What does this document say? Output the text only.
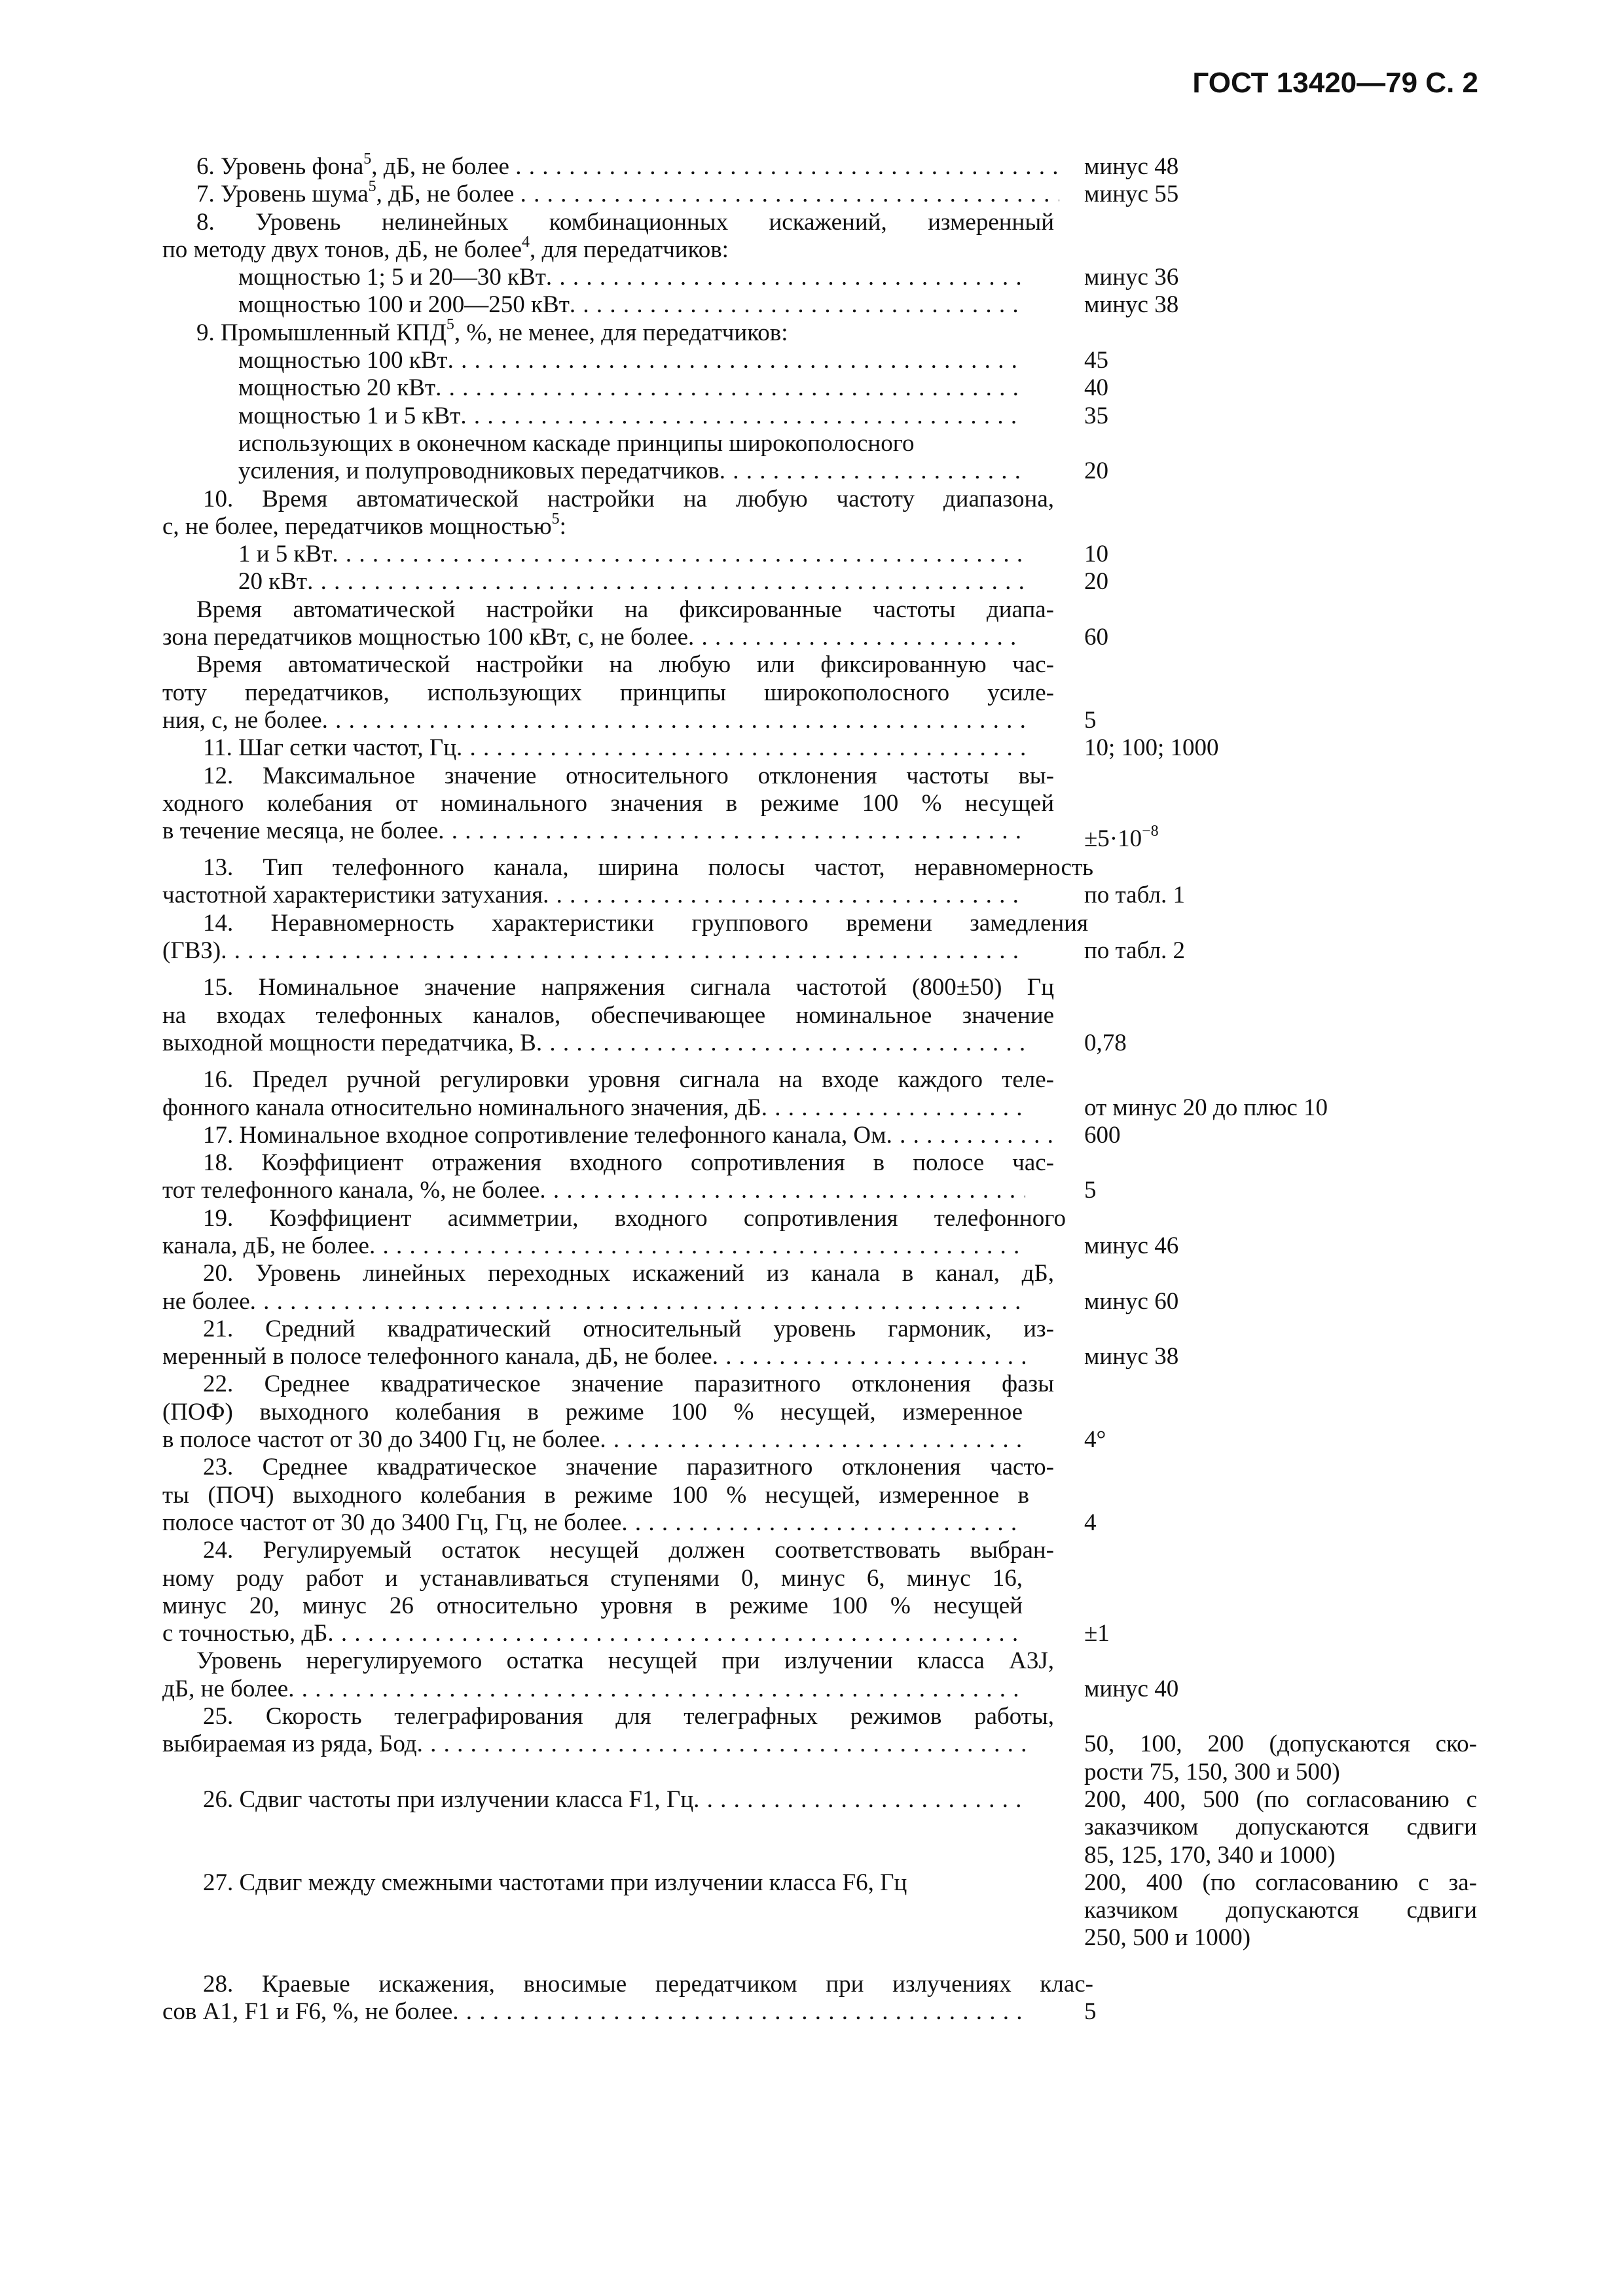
ГОСТ 13420—79 С. 2
6. Уровень фона$^5$, дБ, не более . . .	минус 48
7. Уровень шума$^5$, дБ, не более . . .	минус 55
8. Уровень нелинейных комбинационных искажений, измеренный
по методу двух тонов, дБ, не более$^4$, для передатчиков:
мощностью 1; 5 и 20—30 кВт . . .	минус 36
мощностью 100 и 200—250 кВт . . .	минус 38
9. Промышленный КПД$^5$, %, не менее, для передатчиков:
мощностью 100 кВт . . .	45
мощностью 20 кВт . . .	40
мощностью 1 и 5 кВт . . .	35
использующих в оконечном каскаде принципы широкополосного
усиления, и полупроводниковых передатчиков . . .	20
10. Время автоматической настройки на любую частоту диапазона,
с, не более, передатчиков мощностью$^5$:
1 и 5 кВт . . .	10
20 кВт . . .	20
Время автоматической настройки на фиксированные частоты диапа-
зона передатчиков мощностью 100 кВт, с, не более . . .	60
Время автоматической настройки на любую или фиксированную час-
тоту передатчиков, использующих принципы широкополосного усиле-
ния, с, не более . . .	5
11. Шаг сетки частот, Гц . . .	10; 100; 1000
12. Максимальное значение относительного отклонения частоты вы-
ходного колебания от номинального значения в режиме 100 % несущей
в течение месяца, не более . . .	$\pm 5\cdot 10^{-8}$
13. Тип телефонного канала, ширина полосы частот, неравномерность
частотной характеристики затухания . . .	по табл. 1
14. Неравномерность характеристики группового времени замедления
(ГВЗ) . . .	по табл. 2
15. Номинальное значение напряжения сигнала частотой (800±50) Гц
на входах телефонных каналов, обеспечивающее номинальное значение
выходной мощности передатчика, В . . .	0,78
16. Предел ручной регулировки уровня сигнала на входе каждого теле-
фонного канала относительно номинального значения, дБ . . .	от минус 20 до плюс 10
17. Номинальное входное сопротивление телефонного канала, Ом . . .	600
18. Коэффициент отражения входного сопротивления в полосе час-
тот телефонного канала, %, не более . . .	5
19. Коэффициент асимметрии, входного сопротивления телефонного
канала, дБ, не более . . .	минус 46
20. Уровень линейных переходных искажений из канала в канал, дБ,
не более . . .	минус 60
21. Средний квадратический относительный уровень гармоник, из-
меренный в полосе телефонного канала, дБ, не более . . .	минус 38
22. Среднее квадратическое значение паразитного отклонения фазы
(ПОФ) выходного колебания в режиме 100 % несущей, измеренное
в полосе частот от 30 до 3400 Гц, не более . . .	4°
23. Среднее квадратическое значение паразитного отклонения часто-
ты (ПОЧ) выходного колебания в режиме 100 % несущей, измеренное в
полосе частот от 30 до 3400 Гц, Гц, не более . . .	4
24. Регулируемый остаток несущей должен соответствовать выбран-
ному роду работ и устанавливаться ступенями 0, минус 6, минус 16,
минус 20, минус 26 относительно уровня в режиме 100 % несущей
с точностью, дБ . . .	±1
Уровень нерегулируемого остатка несущей при излучении класса А3J,
дБ, не более . . .	минус 40
25. Скорость телеграфирования для телеграфных режимов работы,
выбираемая из ряда, Бод . . .	50, 100, 200 (допускаются ско-
рости 75, 150, 300 и 500)
26. Сдвиг частоты при излучении класса F1, Гц . . .	200, 400, 500 (по согласованию с
заказчиком допускаются сдвиги
85, 125, 170, 340 и 1000)
27. Сдвиг между смежными частотами при излучении класса F6, Гц	200, 400 (по согласованию с за-
казчиком допускаются сдвиги
250, 500 и 1000)
28. Краевые искажения, вносимые передатчиком при излучениях клас-
сов А1, F1 и F6, %, не более . . .	5
